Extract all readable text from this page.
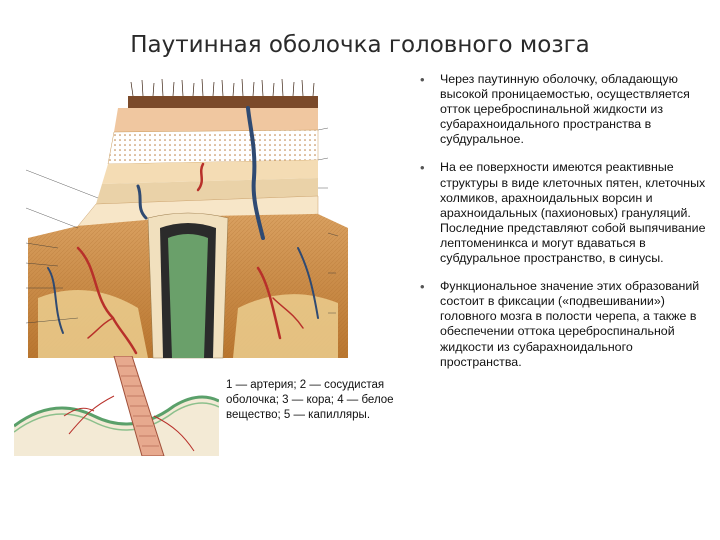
Паутинная оболочка головного мозга
1 — артерия; 2 — сосудистая оболочка; 3 — кора; 4 — белое вещество; 5 — капилляры.
• Через паутинную оболочку, обладающую высокой проницаемостью, осуществляется отток цереброспинальной жидкости из субарахноидального пространства в субдуральное.
• На ее поверхности имеются реактивные структуры в виде клеточных пятен, клеточных холмиков, арахноидальных ворсин и арахноидальных (пахионовых) грануляций. Последние представляют собой выпячивание лептоменинкса и могут вдаваться в субдуральное пространство, в синусы.
• Функциональное значение этих образований состоит в фиксации («подвешивании») головного мозга в полости черепа, а также в обеспечении оттока цереброспинальной жидкости из субарахноидального пространства.
